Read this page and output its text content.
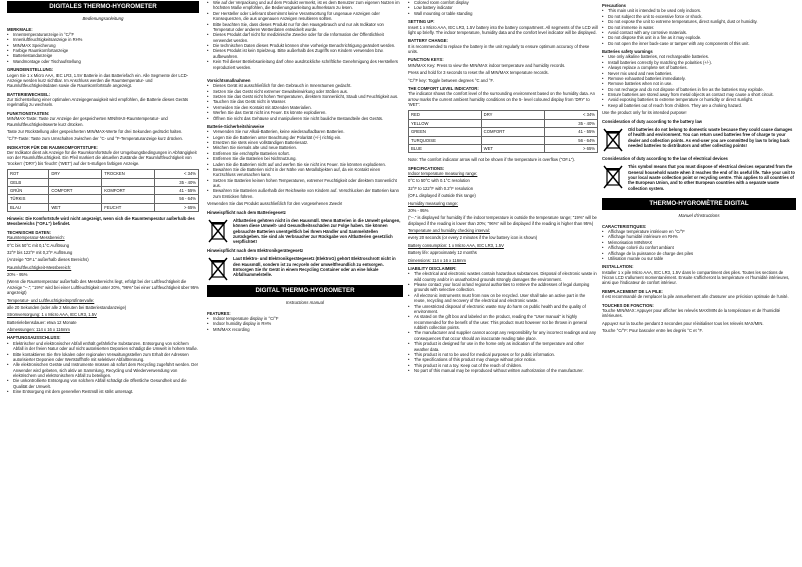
DIGITALES THERMO-HYGROMETER
Bedienungsanleitung
MERKMALE:
• Innentemperaturanzeige in °C/°F
• Innenluftfeuchtigkeitsanzeige in RH%
• MIN/MAX Speicherung
• Farbige Raumkomfortanzeige
• Batteriestandanzeige
• Wandmontage oder Tischaufstellung
GRUNDEINSTELLUNG:

Legen Sie 1 x Micro AAA, IEC LR3, 1.5V Batterie in das Batteriefach ein. Alle Segmente der LCD-Anzeige werden kurz sichtbar. Im Anschluss werden die Raumtemperatur- und Raumluftfeuchtigkeitsdaten sowie die Raumkomfortstufe angezeigt.

BATTERIEWECHSEL:

Zur Sicherstellung einer optimalen Anzeigegenauigkeit wird empfohlen, die Batterie dieses Geräts regelmäßig zu wechseln.

FUNKTIONSTASTEN:

MIN/MAX-Taste: Taste zur Anzeige der gespeicherten MIN/MAX-Raumtemperatur- und Raumluftfeuchtigkeitswerte kurz drücken.

Taste zur Rückstellung aller gespeicherten MIN/MAX-Werte für drei Sekunden gedrückt halten.

°C/°F-Taste: Taste zum Umschalten zwischen der °C- und °F-Temperaturanzeige kurz drücken.

INDIKATOR FÜR DIE RAUMKOMFORTSTUFE:

Der Indikator dient als Anzeige für die Raumkomfortstufe der Umgebungsbedingungen in Abhängigkeit von der Raumluftfeuchtigkeit. Ein Pfeil markiert die aktuellen Zustände der Raumluftfeuchtigkeit von 'trocken' ('DRY') bis 'feucht' ('WET') auf der 5-stufigen farbigen Anzeige.

ROT	DRY	TROCKEN	< 34%
GELB			35 - 40%
GRÜN	COMFORT	KOMFORT	41 - 55%
TÜRKIS			56 - 64%
BLAU	WET	FEUCHT	> 65%

Hinweis: Die Komfortstufe wird nicht angezeigt, wenn sich die Raumtemperatur außerhalb des Messbereichs ("OF.L") befindet.

TECHNISCHE DATEN:

Raumtemperatur-Messbereich:

0°C bis 50°C mit 0,1°C Auflösung

32°F bis 122°F mit 0,2°F Auflösung

(Anzeige "OF.L" außerhalb dieses Bereichs)

Raumluftfeuchtigkeit-Messbereich:

20% - 95%

(Wenn die Raumtemperatur außerhalb des Messbereichs liegt, erfolgt bei der Luftfeuchtigkeit die Anzeige "--."; "19%" wird bei einer Luftfeuchtigkeit unter 20%, "96%" bei einer Luftfeuchtigkeit über 95% angezeigt)

Temperatur- und Luftfeuchtigkeitsprüfintervalle:

alle 20 Sekunden (oder alle 2 Minuten bei Batteriestandanzeige)

Stromversorgung: 1 x Micro AAA, IEC LR3, 1.5V

Batterielebensdauer: etwa 12 Monate

Abmessungen: 114 x 16 x 116mm

HAFTUNGSAUSSCHLUSS:
• Elektrischer und elektronischer Abfall enthält gefährliche Substanzen. Entsorgung von solchem Abfall in der freien Natur oder auf nicht autorisierten Deponien schädigt die Umwelt in hohem Maße.
• Bitte kontaktieren Sie Ihre lokalen oder regionalen Verwaltungsstellen zum Erhalt der Adressen autorisierter Deponien oder Wertstoffhöfe mit selektiver Abfalltrennung.
• Alle elektronischen Geräte und Instrumente müssen ab sofort dem Recycling zugeführt werden. Der Anwender wird gebeten, sich aktiv an Sammlung, Recycling und Wiederverwendung von elektrischem und elektronischem Abfall zu beteiligen.
• Die unkontrollierte Entsorgung von solchem Abfall schädigt die öffentliche Gesundheit und die Qualität der Umwelt.
• Eine Entsorgung mit dem generellen Restmüll ist strikt untersagt.
• Wie auf der Verpackung und auf dem Produkt vermerkt, ist es dem Benutzer zum eigenen Nutzen im höchsten Maße empfohlen, die Bedienungsanleitung aufmerksam zu lesen.
• Der Hersteller oder Lieferant übernimmt keine Verantwortung für ungenaue Anzeigen oder Konsequenzen, die aus ungenauen Anzeigen resultieren sollten.
• Bitte beachten Sie, dass dieses Produkt nur für den Hausgebrauch und nur als Indikator von Temperatur oder anderen Wetterdaten entwickelt wurde.
• Dieses Produkt darf nicht für medizinische Zwecke oder für die Information der Öffentlichkeit verwendet werden.
• Die technischen Daten dieses Produkt können ohne vorherige Benachrichtigung geändert werden.
• Dieses Produkt ist kein Spielzeug. Bitte außerhalb des Zugriffs von Kindern verwenden bzw. aufbewahren.
• Kein Teil dieser Betriebsanleitung darf ohne ausdrückliche schriftliche Genehmigung des Herstellers reproduziert werden.
Vorsichtsmaßnahmen
• Dieses Gerät ist ausschließlich für den Gebrauch in Innenräumen gedacht.
• Setzen Sie das Gerät nicht extremer Gewalteinwirkung oder Stößen aus.
• Setzen Sie das Gerät nicht hohen Temperaturen, direktem Sonnenlicht, Staub und Feuchtigkeit aus.
• Tauchen Sie das Gerät nicht in Wasser.
• Vermeiden Sie den Kontakt mit ätzenden Materialien.
• Werfen Sie das Gerät nicht ins Feuer. Es könnte explodieren.
• Öffnen Sie nicht das Gehäuse und manipulieren Sie nicht bauliche Bestandteile des Geräts.
Batterie-Sicherheitshinweise
• Verwenden Sie nur Alkali-Batterien, keine wiederaufladbaren Batterien.
• Legen Sie die Batterien unter Beachtung der Polarität (+/-) richtig ein.
• Ersetzen Sie stets einen vollständigen Batteriesatz.
• Mischen Sie niemals alte und neue Batterien.
• Entfernen Sie erschöpfte Batterien sofort.
• Entfernen Sie die Batterien bei Nichtnutzung.
• Laden Sie die Batterien nicht auf und werfen Sie sie nicht ins Feuer. Sie könnten explodieren.
• Bewahren Sie die Batterien nicht in der Nähe von Metallobjekten auf, da ein Kontakt einen Kurzschluss verursachen kann.
• Setzen Sie Batterien keinen hohen Temperaturen, extremer Feuchtigkeit oder direktem Sonnenlicht aus.
• Bewahren Sie Batterien außerhalb der Reichweite von Kindern auf. Verschlucken der Batterien kann zum Ersticken führen.

Verwenden Sie das Produkt ausschließlich für den vorgesehenen Zweck!

Hinweispflicht nach dem Batteriegesetz
Altbatterien gehören nicht in den Hausmüll. Wenn Batterien in die Umwelt gelangen, können diese Umwelt- und Gesundheitsschäden zur Folge haben. Sie können gebrauchte Batterien unentgeltlich bei Ihrem Händler und Sammelstellen zurückgeben. Sie sind als Verbraucher zur Rückgabe von Altbatterien gesetzlich verpflichtet!
Hinweispflicht nach dem Elektronikgerätegesetz
Laut Elektro- und Elektronikgerätegesetz (ElektroG) gehört Elektroschrott nicht in den Hausmüll, sondern ist zu recyceln oder umweltfreundlich zu entsorgen. Entsorgen Sie Ihr Gerät in einem Recycling Container oder an eine lokale Abfallsammelstelle.
DIGITAL THERMO-HYGROMETER
Instructions manual
FEATURES:
• Indoor temperature display in °C/°F
• Indoor humidity display in RH%
• MIN/MAX recording
• Colored room comfort display
• Low battery indicator
• Wall mounting or table standing
SETTING UP:

Insert 1 x Micro AAA, IEC LR3, 1.5V battery into the battery compartment. All segments of the LCD will light up briefly. The indoor temperature, humidity data and the comfort level indicator will be displayed.

BATTERY CHANGE:

It is recommended to replace the battery in the unit regularly to ensure optimum accuracy of these units.

FUNCTION KEYS:

MIN/MAX Key: Press to view the MIN/MAX indoor temperature and humidity records.

Press and hold for 3 seconds to reset the all MIN/MAX temperature records.

°C/°F key: Toggle between degrees °C and °F.

THE COMFORT LEVEL INDICATOR:

The indicator shows the comfort level of the surrounding environment based on the humidity data. An arrow marks the current ambient humidity conditions on the 5- level coloured display from 'DRY' to 'WET':

RED	DRY	< 34%
YELLOW		35 - 40%
GREEN	COMFORT	41 - 55%
TURQUOISE		56 - 64%
BLUE	WET	> 65%

Note: The comfort indicator arrow will not be shown if the temperature is overflow ("OF.L").

SPECIFICATIONS:

Indoor temperature measuring range:

0°C to 50°C with 0.1°C resolution

32°F to 122°F with 0.2°F resolution

(OF.L displayed if outside this range)

Humidity measuring range:

20% - 95%

("--." is displayed for humidity if the indoor temperature is outside the temperature range; "19%" will be displayed if the reading is lower than 20%; "96%" will be displayed if the reading is higher than 95%)

Temperature and humidity checking interval:

every 20 seconds (or every 2 minutes if the low battery icon is shown)

Battery consumption: 1 x Micro AAA, IEC LR3, 1.5V

Battery life: approximately 12 months

Dimensions: 114 x 16 x 116mm

LIABILITY DISCLAIMER:
• The electrical and electronic wastes contain hazardous substances. Disposal of electronic waste in wild country and/or in unauthorized grounds strongly damages the environment.
• Please contact your local or/and regional authorities to retrieve the addresses of legal dumping grounds with selective collection.
• All electronic instruments must from now on be recycled. User shall take an active part in the reuse, recycling and recovery of the electrical and electronic waste.
• The unrestricted disposal of electronic waste may do harm on public health and the quality of environment.
• As stated on the gift box and labeled on the product, reading the "User manual" is highly recommended for the benefit of the user. This product must however not be thrown in general rubbish collection points.
• The manufacturer and supplier cannot accept any responsibility for any incorrect readings and any consequences that occur should an inaccurate reading take place.
• This product is designed for use in the home only as indication of the temperature and other weather data.
• This product is not to be used for medical purposes or for public information.
• The specifications of this product may change without prior notice.
• This product is not a toy. Keep out of the reach of children.
• No part of this manual may be reproduced without written authorization of the manufacturer.
Precautions
• This main unit is intended to be used only indoors.
• Do not subject the unit to excessive force or shock.
• Do not expose the unit to extreme temperatures, direct sunlight, dust or humidity.
• Do not immerse in water.
• Avoid contact with any corrosive materials.
• Do not dispose this unit in a fire as it may explode.
• Do not open the inner back-case or tamper with any components of this unit.
Batteries safety warnings
• Use only alkaline batteries, not rechargeable batteries.
• Install batteries correctly by matching the polarities (+/-).
• Always replace a complete set of batteries.
• Never mix used and new batteries.
• Remove exhausted batteries immediately.
• Remove batteries when not in use.
• Do not recharge and do not dispose of batteries in fire as the batteries may explode.
• Ensure batteries are stored away from metal objects as contact may cause a short circuit.
• Avoid exposing batteries to extreme temperature or humidity or direct sunlight.
• Keep all batteries out of reach from children. They are a choking hazard.

Use the product only for its intended purpose!

Consideration of duty according to the battery law
Old batteries do not belong to domestic waste because they could cause damages of health and environment. You can return used batteries free of charge to your dealer and collection points. As end-user you are committed by law to bring back needed batteries to distributors and other collecting points!
Consideration of duty according to the law of electrical devices
This symbol means that you must dispose of electrical devices separated from the General household waste when it reaches the end of its useful life. Take your unit to your local waste collection point or recycling centre. This applies to all countries of the European Union, and to other European countries with a separate waste collection system.
THERMO-HYGROMÈTRE DIGITAL
Manuel d'instructions
CARACTERISTIQUES:
• Affichage température intérieure en °C/°F
• Affichage humidité intérieure en RH%
• Mémorisation MIN/MAX
• Affichage coloré du confort ambiant
• Affichage de la puissance de charge des piles
• Utilisation murale ou sur table
INSTALLATION:

Installer 1 x pile Micro AAA, IEC LR3, 1.5V dans le compartiment des piles. Toutes les sections de l'écran LCD s'allument momentanément. Ensuite s'afficheront la température et l'humidité intérieures, ainsi que l'indicateur de confort intérieur.

REMPLACEMENT DE LA PILE:

Il est recommandé de remplacer la pile annuellement afin d'assurer une précision optimale de l'unité.

TOUCHES DE FONCTION:

Touche MIN/MAX: Appuyer pour afficher les relevés MAX/MIN de la température et de l'humidité intérieures.

Appuyez sur la touche pendant 3 secondes pour réinitialiser tous les relevés MAX/MIN.

Touche °C/°F: Pour basculer entre les degrés °C et °F.
